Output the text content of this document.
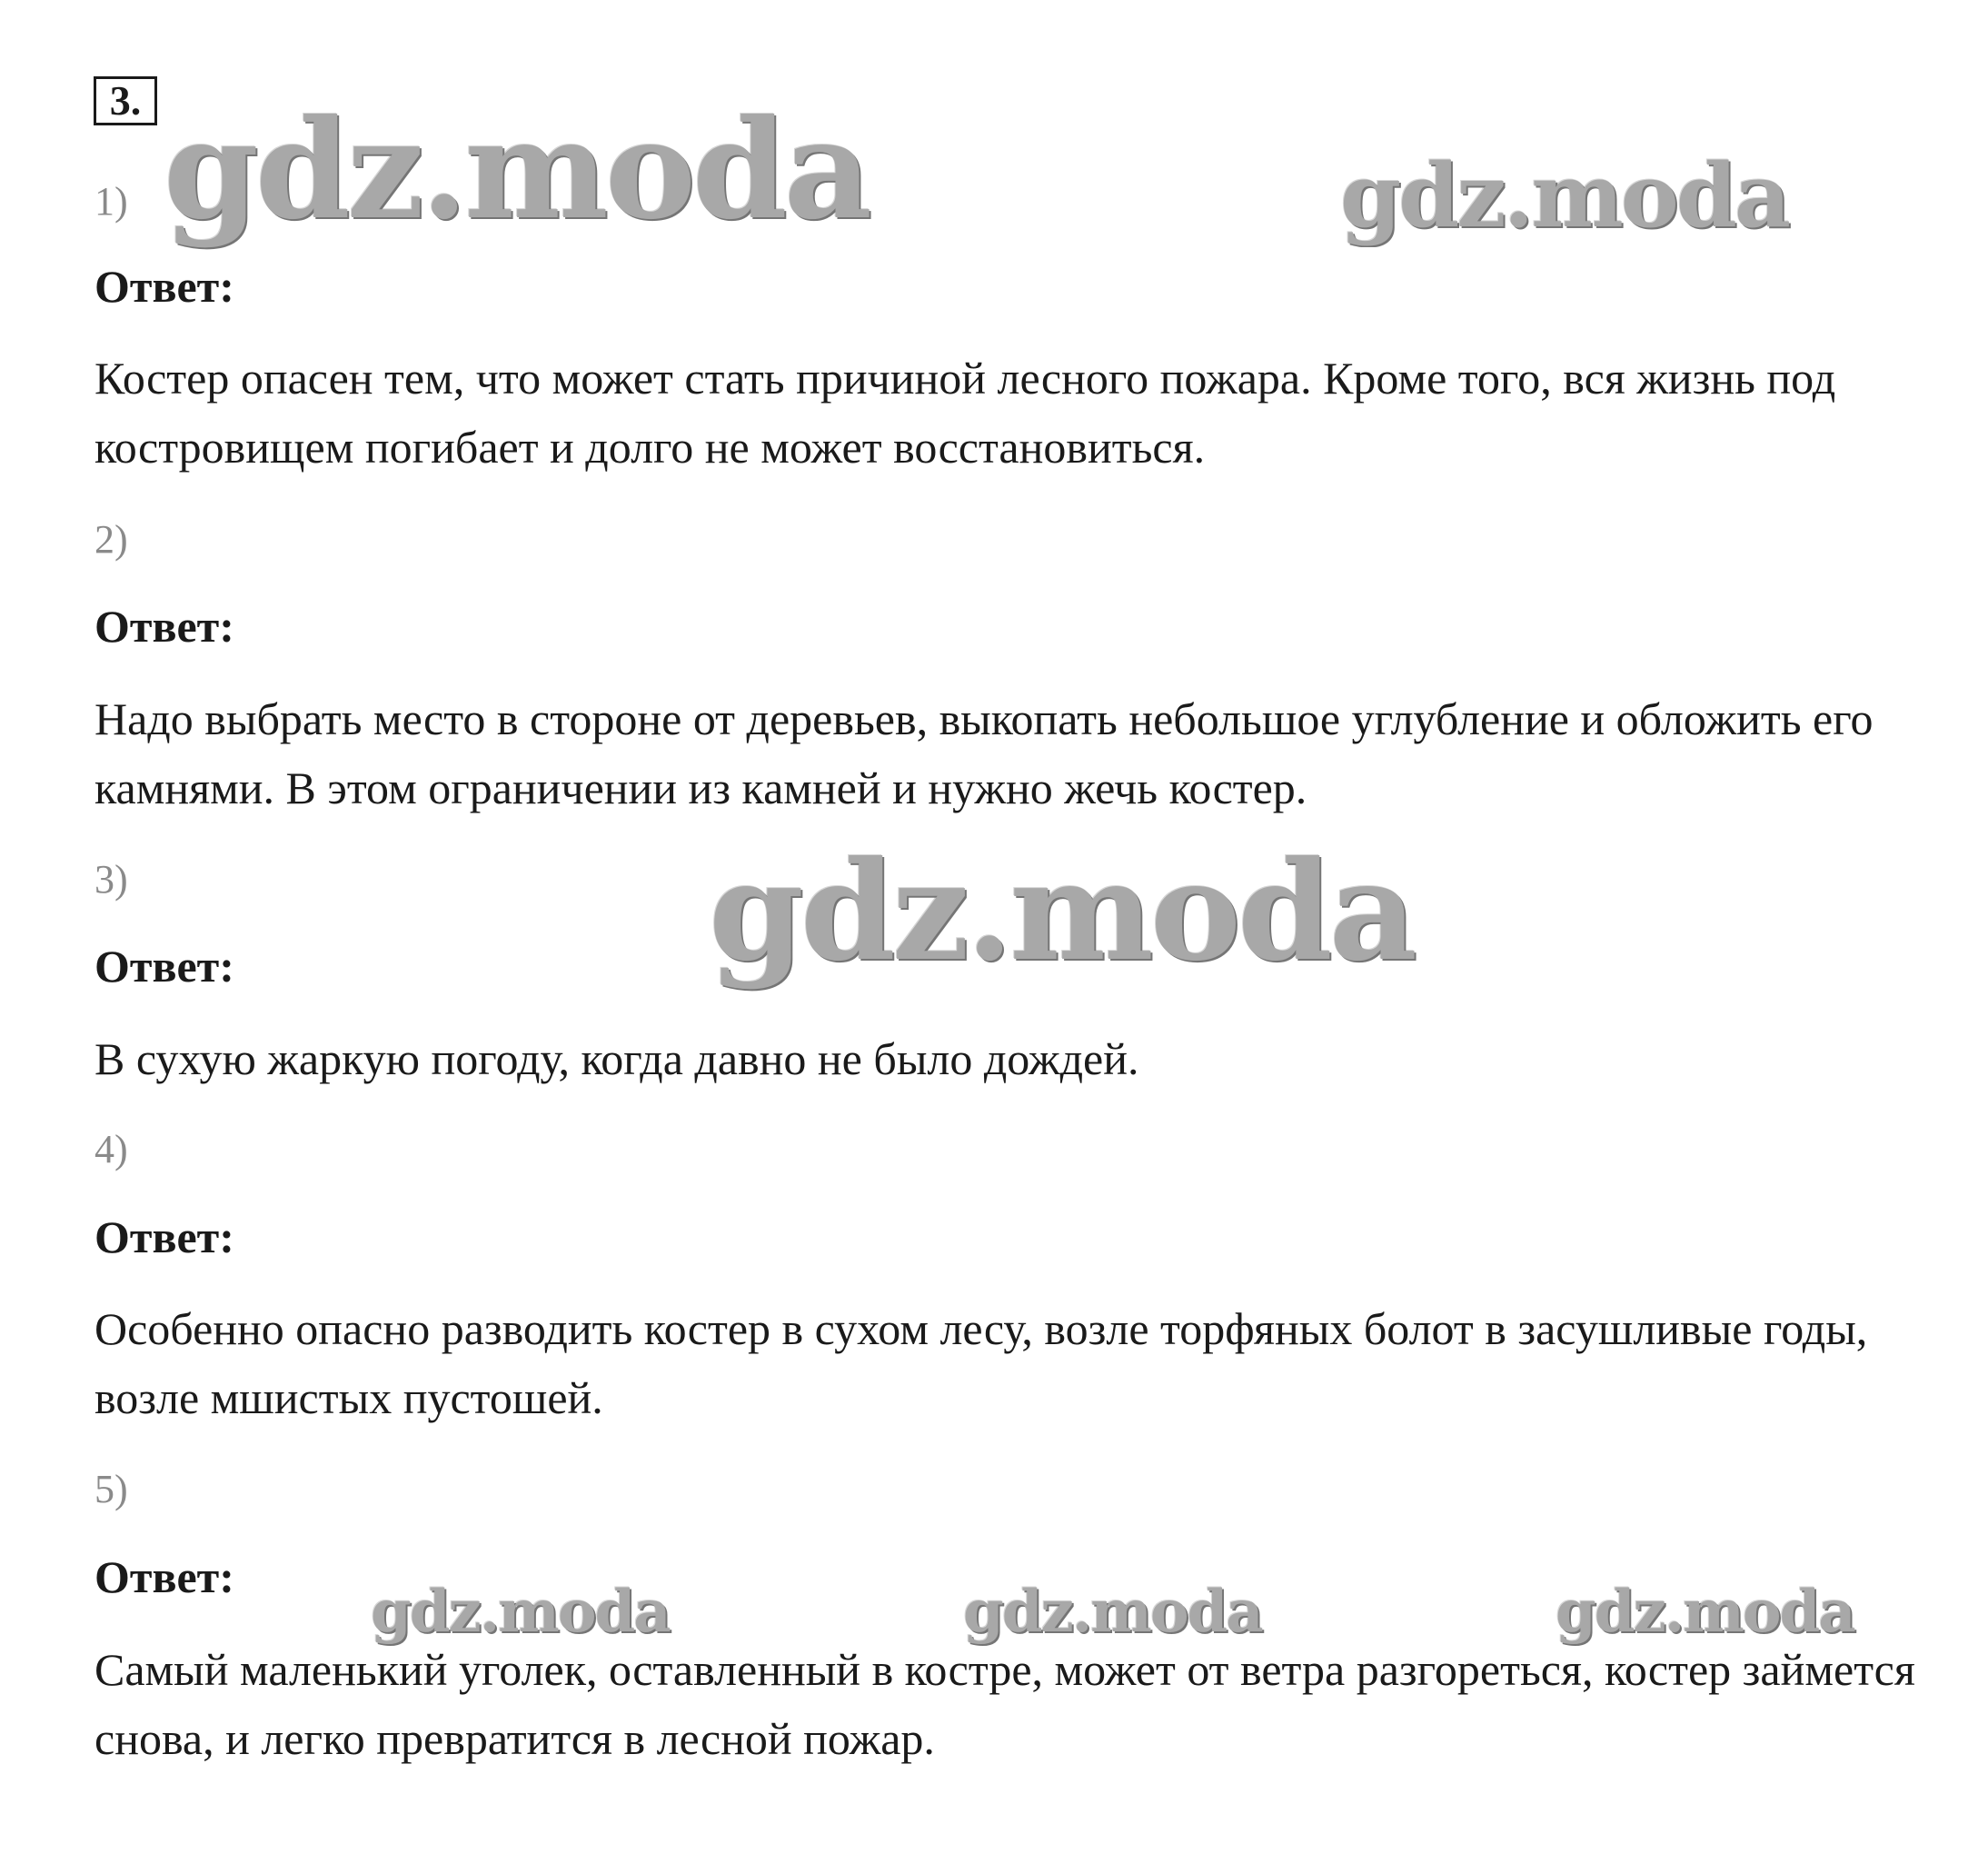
3.
1)
Ответ:

Костер опасен тем, что может стать причиной лесного пожара. Кроме того, вся жизнь под костровищем погибает и долго не может восстановиться.

2)
Ответ:

Надо выбрать место в стороне от деревьев, выкопать небольшое углубление и обложить его камнями. В этом ограничении из камней и нужно жечь костер.

3)
Ответ:

В сухую жаркую погоду, когда давно не было дождей.

4)
Ответ:

Особенно опасно разводить костер в сухом лесу, возле торфяных болот в засушливые годы, возле мшистых пустошей.

5)
Ответ:

Самый маленький уголек, оставленный в костре, может от ветра разгореться, костер займется снова, и легко превратится в лесной пожар.

gdz.moda	gdz.moda
gdz.moda
gdz.moda	gdz.moda	gdz.moda
